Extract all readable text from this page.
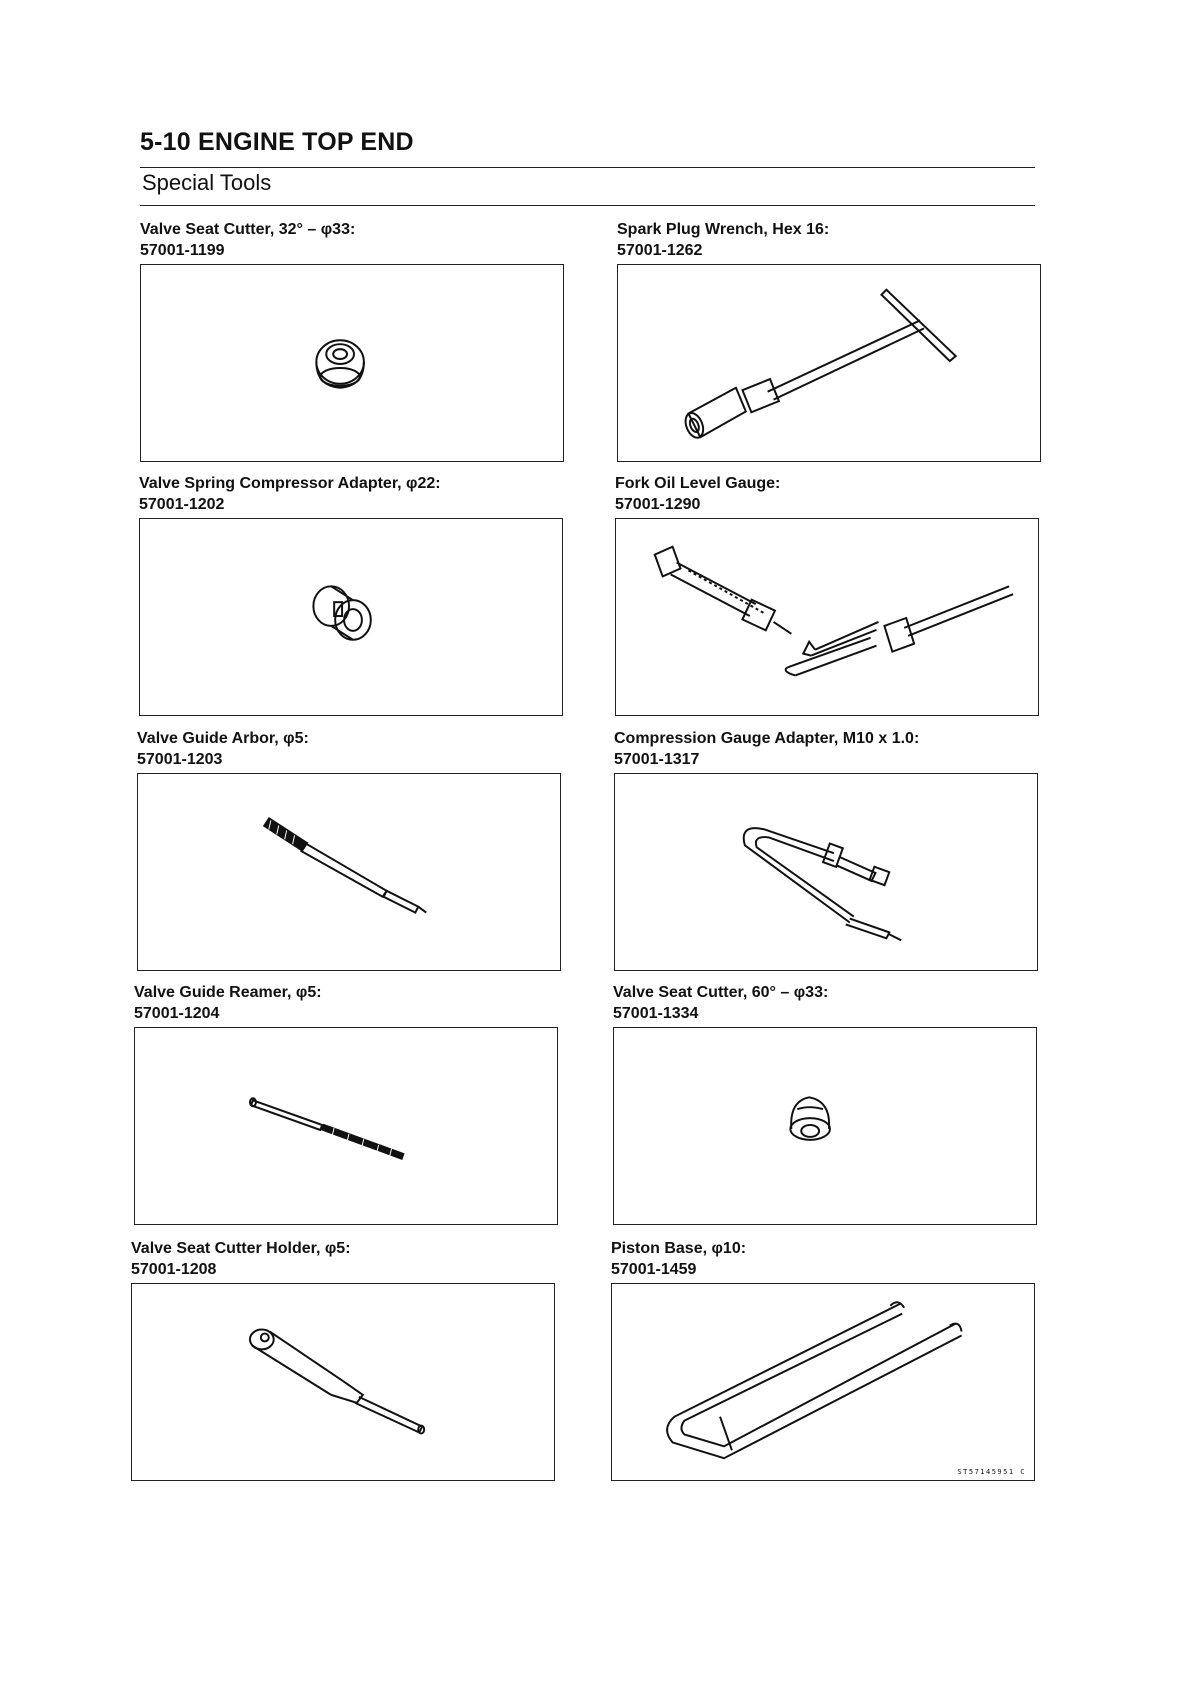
5-10 ENGINE TOP END
Special Tools
Valve Seat Cutter, 32° – φ33:
57001-1199
Valve Spring Compressor Adapter, φ22:
57001-1202
Valve Guide Arbor, φ5:
57001-1203
Valve Guide Reamer, φ5:
57001-1204
Valve Seat Cutter Holder, φ5:
57001-1208
Spark Plug Wrench, Hex 16:
57001-1262
Fork Oil Level Gauge:
57001-1290
Compression Gauge Adapter, M10 x 1.0:
57001-1317
Valve Seat Cutter, 60° – φ33:
57001-1334
Piston Base, φ10:
57001-1459
ST57145951 C
